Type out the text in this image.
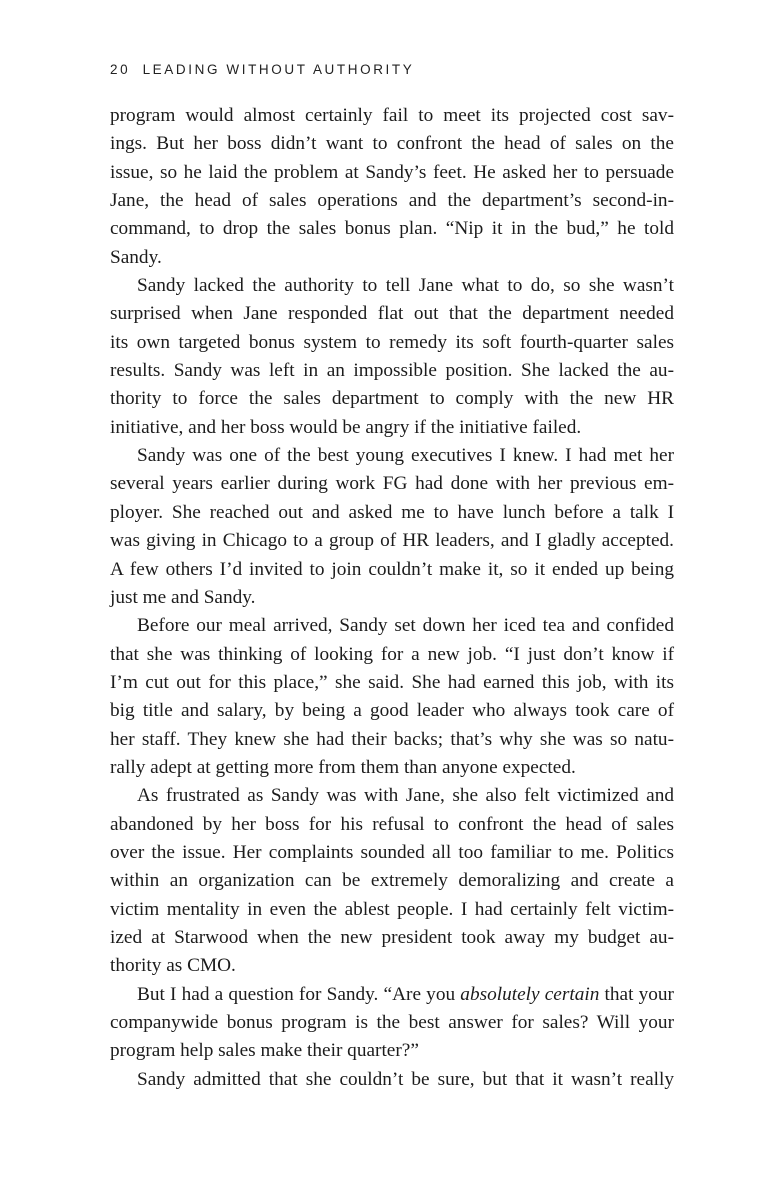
20 LEADING WITHOUT AUTHORITY

program would almost certainly fail to meet its projected cost sav-
ings. But her boss didn’t want to confront the head of sales on the
issue, so he laid the problem at Sandy’s feet. He asked her to persuade
Jane, the head of sales operations and the department’s second-in-
command, to drop the sales bonus plan. “Nip it in the bud,” he told
Sandy.

Sandy lacked the authority to tell Jane what to do, so she wasn’t
surprised when Jane responded flat out that the department needed
its own targeted bonus system to remedy its soft fourth-quarter sales
results. Sandy was left in an impossible position. She lacked the au-
thority to force the sales department to comply with the new HR
initiative, and her boss would be angry if the initiative failed.

Sandy was one of the best young executives I knew. I had met her
several years earlier during work FG had done with her previous em-
ployer. She reached out and asked me to have lunch before a talk I
was giving in Chicago to a group of HR leaders, and I gladly accepted.
A few others I’d invited to join couldn’t make it, so it ended up being
just me and Sandy.

Before our meal arrived, Sandy set down her iced tea and confided
that she was thinking of looking for a new job. “I just don’t know if
I’m cut out for this place,” she said. She had earned this job, with its
big title and salary, by being a good leader who always took care of
her staff. They knew she had their backs; that’s why she was so natu-
rally adept at getting more from them than anyone expected.

As frustrated as Sandy was with Jane, she also felt victimized and
abandoned by her boss for his refusal to confront the head of sales
over the issue. Her complaints sounded all too familiar to me. Politics
within an organization can be extremely demoralizing and create a
victim mentality in even the ablest people. I had certainly felt victim-
ized at Starwood when the new president took away my budget au-
thority as CMO.

But I had a question for Sandy. “Are you absolutely certain that your
companywide bonus program is the best answer for sales? Will your
program help sales make their quarter?”

Sandy admitted that she couldn’t be sure, but that it wasn’t really
